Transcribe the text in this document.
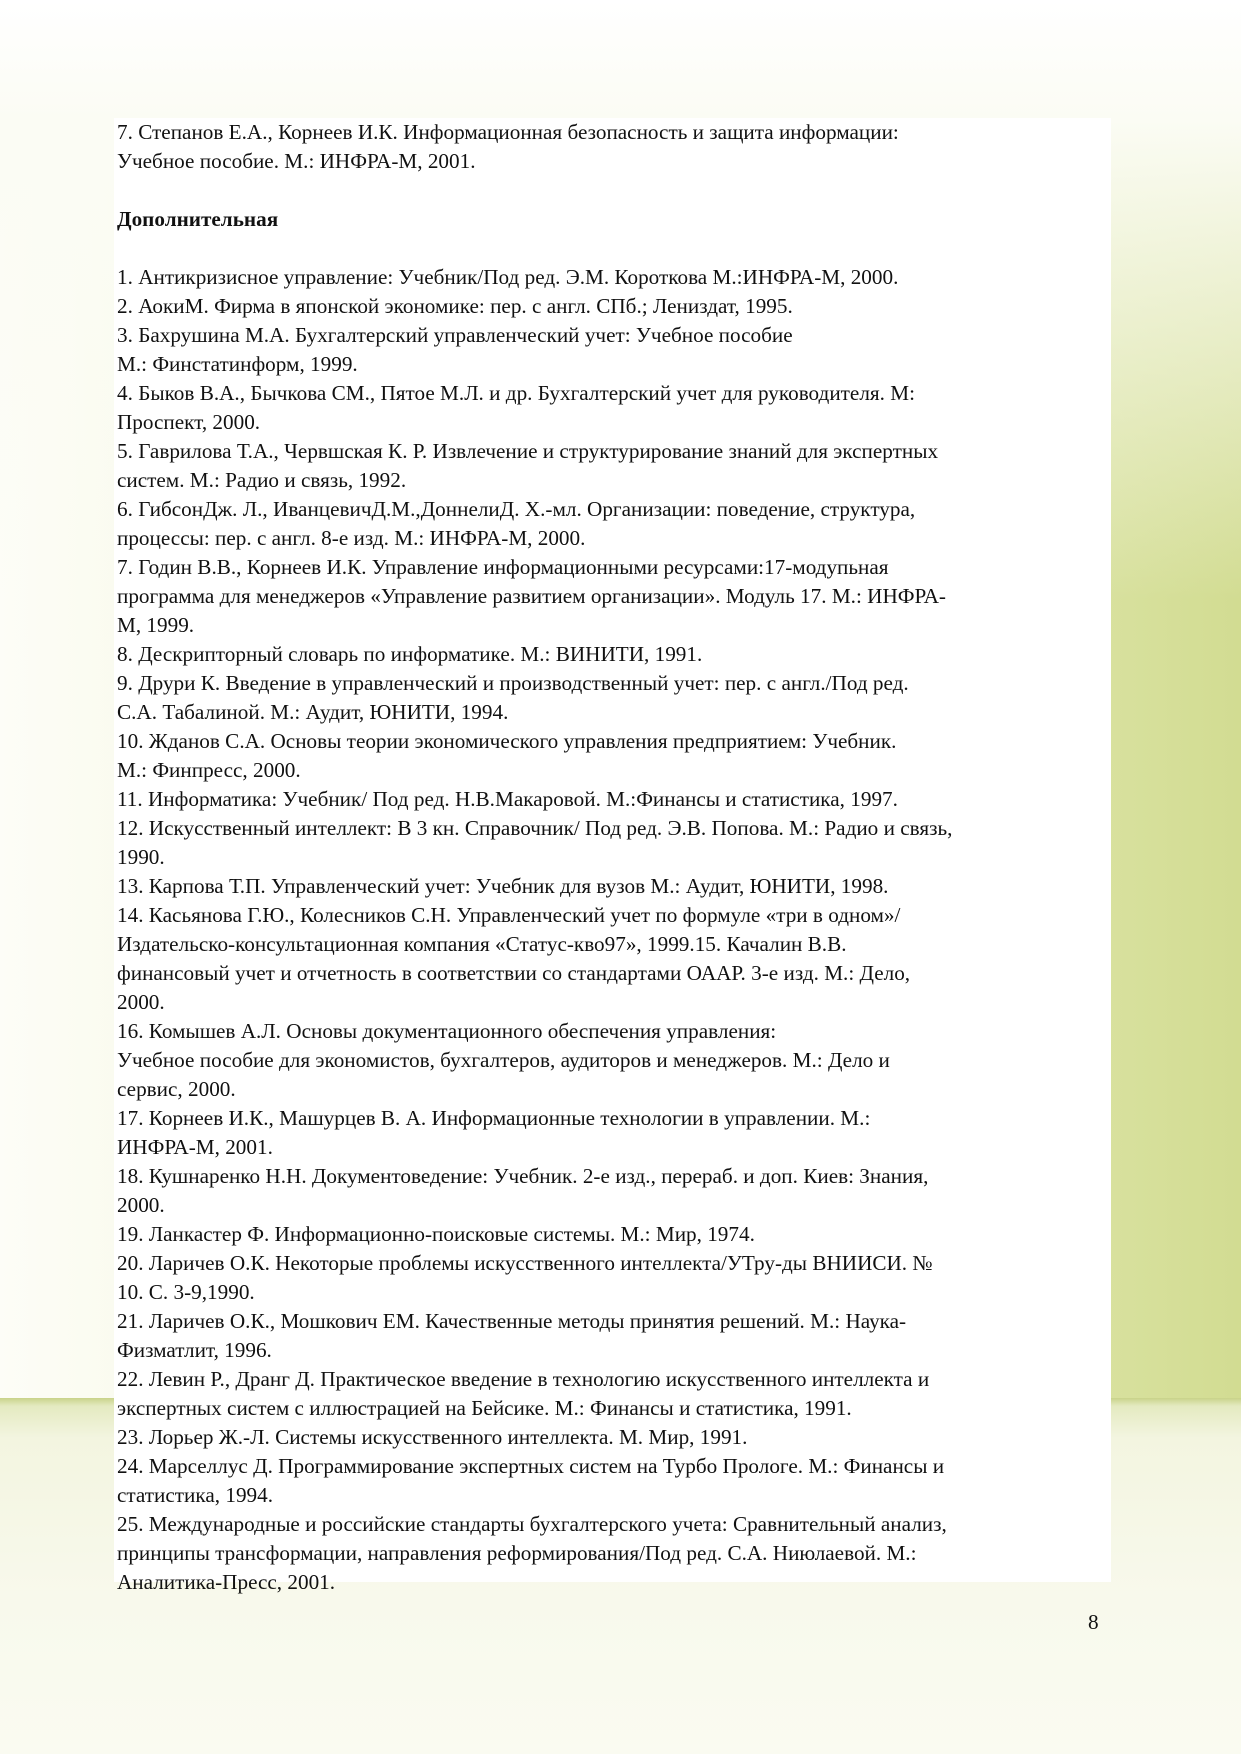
7. Степанов Е.А., Корнеев И.К. Информационная безопасность и защита информации:

Учебное пособие. М.: ИНФРА-М, 2001.

Дополнительная

1. Антикризисное управление: Учебник/Под ред. Э.М. Короткова М.:ИНФРА-М, 2000.

2. АокиМ. Фирма в японской экономике: пер. с англ. СПб.; Лениздат, 1995.

3. Бахрушина М.А. Бухгалтерский управленческий учет: Учебное пособие

М.: Финстатинформ, 1999.

4. Быков В.А., Бычкова СМ., Пятое М.Л. и др. Бухгалтерский учет для руководителя. М:

Проспект, 2000.

5. Гаврилова Т.А., Червшская К. Р. Извлечение и структурирование знаний для экспертных

систем. М.: Радио и связь, 1992.

6. ГибсонДж. Л., ИванцевичД.М.,ДоннелиД. Х.-мл. Организации: поведение, структура,

процессы: пер. с англ. 8-е изд. М.: ИНФРА-М, 2000.

7. Годин В.В., Корнеев И.К. Управление информационными ресурсами:17-модупьная

программа для менеджеров «Управление развитием организации». Модуль 17. М.: ИНФРА-

М, 1999.

8. Дескрипторный словарь по информатике. М.: ВИНИТИ, 1991.

9. Друри К. Введение в управленческий и производственный учет: пер. с англ./Под ред.

С.А. Табалиной. М.: Аудит, ЮНИТИ, 1994.

10. Жданов С.А. Основы теории экономического управления предприятием: Учебник.

М.: Финпресс, 2000.

11. Информатика: Учебник/ Под ред. Н.В.Макаровой. М.:Финансы и статистика, 1997.

12. Искусственный интеллект: В 3 кн. Справочник/ Под ред. Э.В. Попова. М.: Радио и связь,

1990.

13. Карпова Т.П. Управленческий учет: Учебник для вузов М.: Аудит, ЮНИТИ, 1998.

14. Касьянова Г.Ю., Колесников С.Н. Управленческий учет по формуле «три в одном»/

Издательско-консультационная компания «Статус-кво97», 1999.15. Качалин В.В.

финансовый учет и отчетность в соответствии со стандартами ОААР. 3-е изд. М.: Дело,

2000.

16. Комышев А.Л. Основы документационного обеспечения управления:

Учебное пособие для экономистов, бухгалтеров, аудиторов и менеджеров. М.: Дело и

сервис, 2000.

17. Корнеев И.К., Машурцев В. А. Информационные технологии в управлении. М.:

ИНФРА-М, 2001.

18. Кушнаренко Н.Н. Документоведение: Учебник. 2-е изд., перераб. и доп. Киев: Знания,

2000.

19. Ланкастер Ф. Информационно-поисковые системы. М.: Мир, 1974.

20. Ларичев О.К. Некоторые проблемы искусственного интеллекта/УТру-ды ВНИИСИ. №

10. С. 3-9,1990.

21. Ларичев О.К., Мошкович ЕМ. Качественные методы принятия решений. М.: Наука-

Физматлит, 1996.

22. Левин Р., Дранг Д. Практическое введение в технологию искусственного интеллекта и

экспертных систем с иллюстрацией на Бейсике. М.: Финансы и статистика, 1991.

23. Лорьер Ж.-Л. Системы искусственного интеллекта. М. Мир, 1991.

24. Марселлус Д. Программирование экспертных систем на Турбо Прологе. М.: Финансы и

статистика, 1994.

25. Международные и российские стандарты бухгалтерского учета: Сравнительный анализ,

принципы трансформации, направления реформирования/Под ред. С.А. Ниюлаевой. М.:

Аналитика-Пресс, 2001.

8
